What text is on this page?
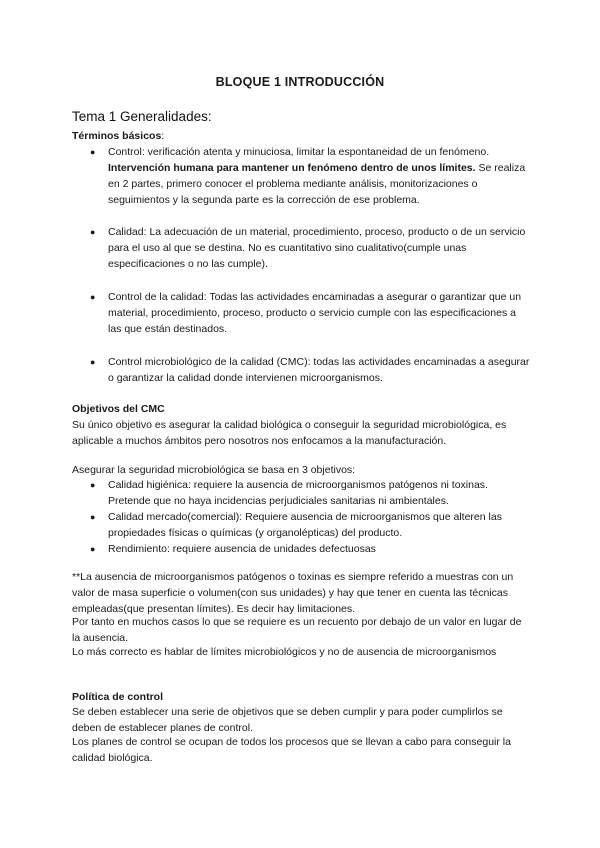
BLOQUE 1 INTRODUCCIÓN
Tema 1 Generalidades:
Términos básicos:
● Control: verificación atenta y minuciosa, limitar la espontaneidad de un fenómeno. Intervención humana para mantener un fenómeno dentro de unos límites. Se realiza en 2 partes, primero conocer el problema mediante análisis, monitorizaciones o seguimientos y la segunda parte es la corrección de ese problema.
● Calidad: La adecuación de un material, procedimiento, proceso, producto o de un servicio para el uso al que se destina. No es cuantitativo sino cualitativo(cumple unas especificaciones o no las cumple).
● Control de la calidad: Todas las actividades encaminadas a asegurar o garantizar que un material, procedimiento, proceso, producto o servicio cumple con las especificaciones a las que están destinados.
● Control microbiológico de la calidad (CMC): todas las actividades encaminadas a asegurar o garantizar la calidad donde intervienen microorganismos.
Objetivos del CMC
Su único objetivo es asegurar la calidad biológica o conseguir la seguridad microbiológica, es aplicable a muchos ámbitos pero nosotros nos enfocamos a la manufacturación.
Asegurar la seguridad microbiológica se basa en 3 objetivos:
● Calidad higiénica: requiere la ausencia de microorganismos patógenos ni toxinas. Pretende que no haya incidencias perjudiciales sanitarias ni ambientales.
● Calidad mercado(comercial): Requiere ausencia de microorganismos que alteren las propiedades físicas o químicas (y organolépticas) del producto.
● Rendimiento: requiere ausencia de unidades defectuosas
**La ausencia de microorganismos patógenos o toxinas es siempre referido a muestras con un valor de masa superficie o volumen(con sus unidades) y hay que tener en cuenta las técnicas empleadas(que presentan límites). Es decir hay limitaciones.
Por tanto en muchos casos lo que se requiere es un recuento por debajo de un valor en lugar de la ausencia.
Lo más correcto es hablar de límites microbiológicos y no de ausencia de microorganismos
Política de control
Se deben establecer una serie de objetivos que se deben cumplir y para poder cumplirlos se deben de establecer planes de control.
Los planes de control se ocupan de todos los procesos que se llevan a cabo para conseguir la calidad biológica.
